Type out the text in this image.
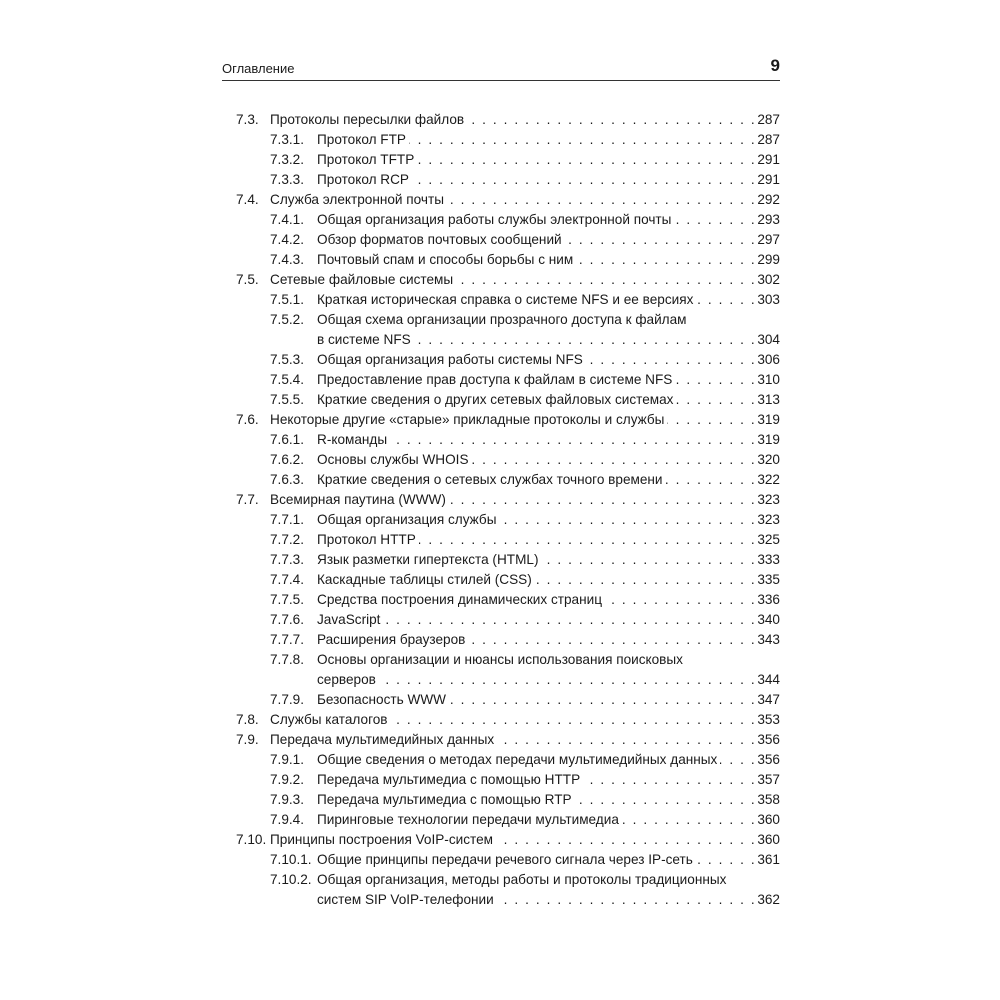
Оглавление	9
7.3. Протоколы пересылки файлов . . .	287
7.3.1. Протокол FTP . . .	287
7.3.2. Протокол TFTP . . .	291
7.3.3. Протокол RCP . . .	291
7.4. Служба электронной почты . . .	292
7.4.1. Общая организация работы службы электронной почты . . .	293
7.4.2. Обзор форматов почтовых сообщений . . .	297
7.4.3. Почтовый спам и способы борьбы с ним . . .	299
7.5. Сетевые файловые системы . . .	302
7.5.1. Краткая историческая справка о системе NFS и ее версиях . . .	303
7.5.2. Общая схема организации прозрачного доступа к файлам
в системе NFS . . .	304
7.5.3. Общая организация работы системы NFS . . .	306
7.5.4. Предоставление прав доступа к файлам в системе NFS . . .	310
7.5.5. Краткие сведения о других сетевых файловых системах . . .	313
7.6. Некоторые другие «старые» прикладные протоколы и службы . . .	319
7.6.1. R-команды . . .	319
7.6.2. Основы службы WHOIS . . .	320
7.6.3. Краткие сведения о сетевых службах точного времени . . .	322
7.7. Всемирная паутина (WWW) . . .	323
7.7.1. Общая организация службы . . .	323
7.7.2. Протокол HTTP . . .	325
7.7.3. Язык разметки гипертекста (HTML) . . .	333
7.7.4. Каскадные таблицы стилей (CSS) . . .	335
7.7.5. Средства построения динамических страниц . . .	336
7.7.6. JavaScript . . .	340
7.7.7. Расширения браузеров . . .	343
7.7.8. Основы организации и нюансы использования поисковых
серверов . . .	344
7.7.9. Безопасность WWW . . .	347
7.8. Службы каталогов . . .	353
7.9. Передача мультимедийных данных . . .	356
7.9.1. Общие сведения о методах передачи мультимедийных данных . . .	356
7.9.2. Передача мультимедиа с помощью HTTP . . .	357
7.9.3. Передача мультимедиа с помощью RTP . . .	358
7.9.4. Пиринговые технологии передачи мультимедиа . . .	360
7.10. Принципы построения VoIP-систем . . .	360
7.10.1. Общие принципы передачи речевого сигнала через IP-сеть . . .	361
7.10.2. Общая организация, методы работы и протоколы традиционных
систем SIP VoIP-телефонии . . .	362
